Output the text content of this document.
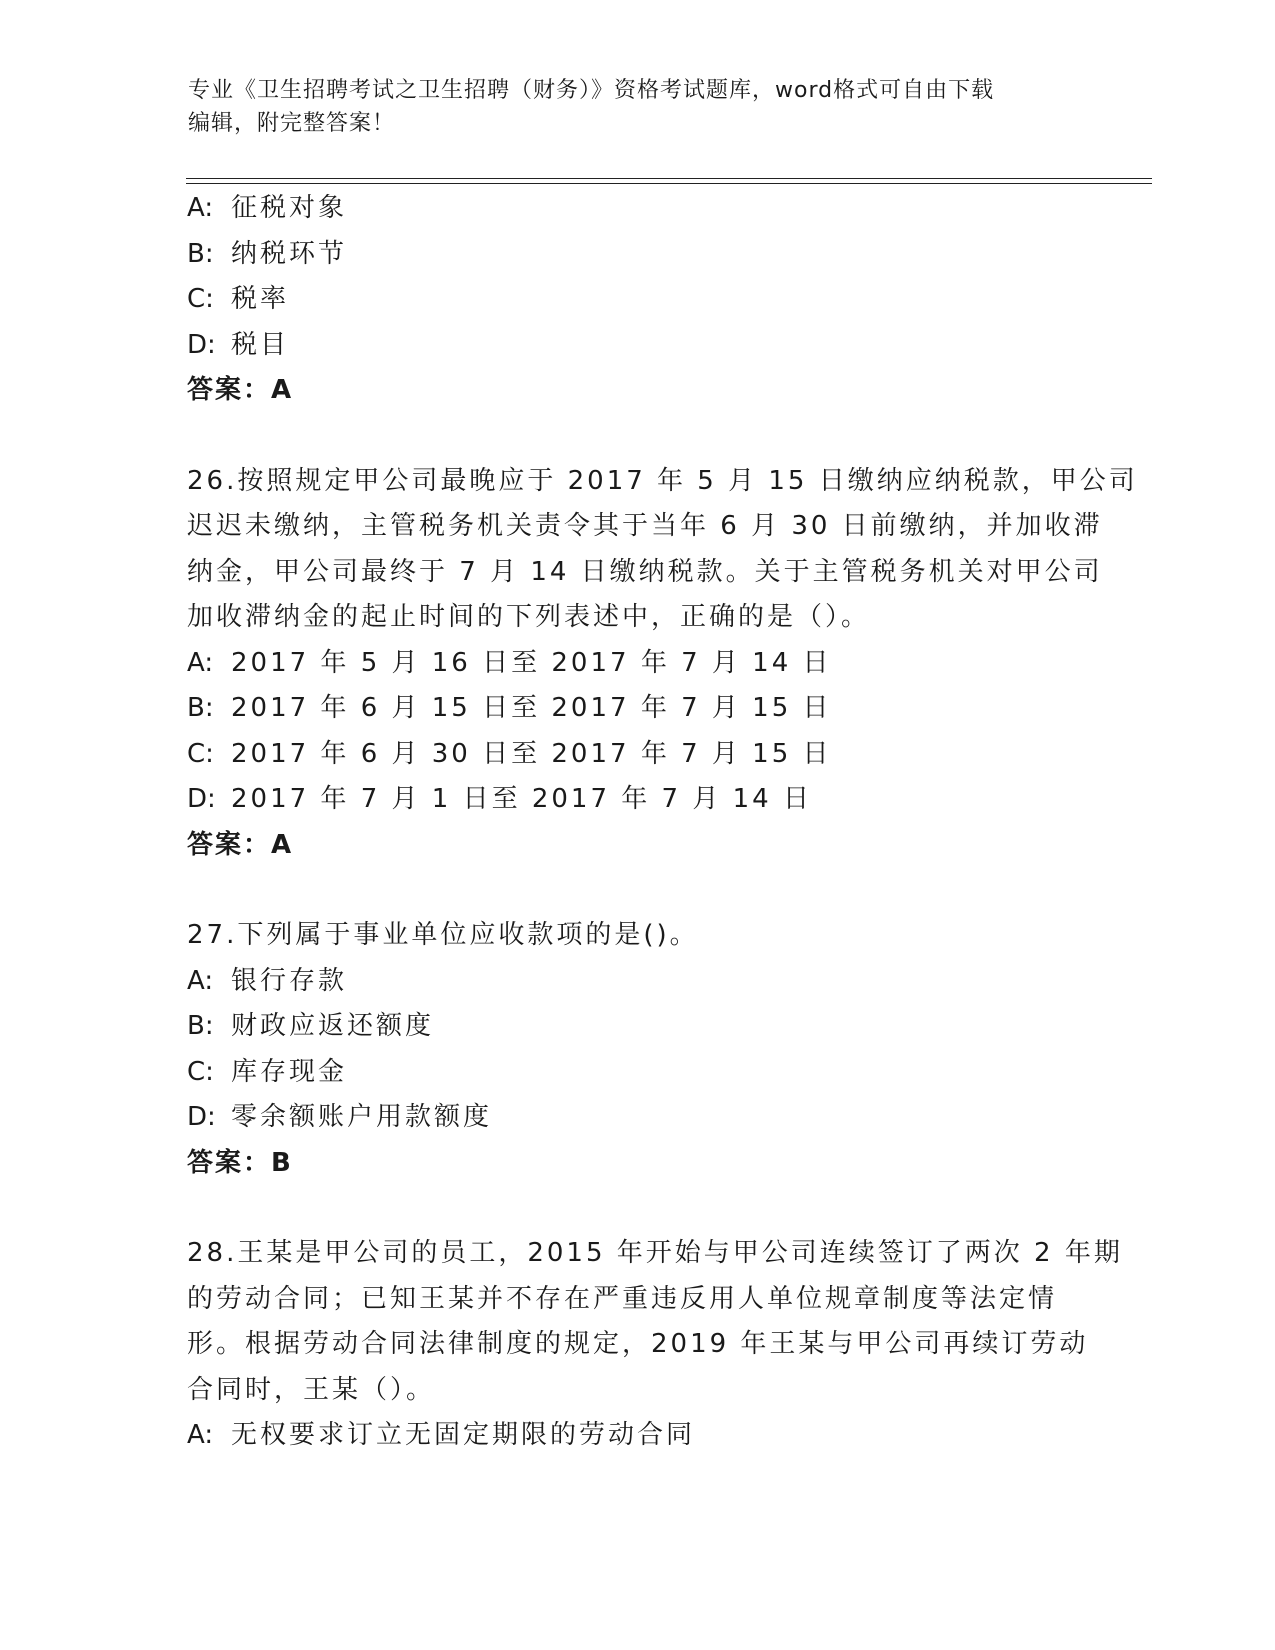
专业《卫生招聘考试之卫生招聘（财务）》资格考试题库，word格式可自由下载
编辑，附完整答案！
A: 征税对象
B: 纳税环节
C: 税率
D: 税目
答案：A
26.按照规定甲公司最晚应于 2017 年 5 月 15 日缴纳应纳税款，甲公司
迟迟未缴纳，主管税务机关责令其于当年 6 月 30 日前缴纳，并加收滞
纳金，甲公司最终于 7 月 14 日缴纳税款。关于主管税务机关对甲公司
加收滞纳金的起止时间的下列表述中，正确的是（）。
A: 2017 年 5 月 16 日至 2017 年 7 月 14 日
B: 2017 年 6 月 15 日至 2017 年 7 月 15 日
C: 2017 年 6 月 30 日至 2017 年 7 月 15 日
D: 2017 年 7 月 1 日至 2017 年 7 月 14 日
答案：A
27.下列属于事业单位应收款项的是()。
A: 银行存款
B: 财政应返还额度
C: 库存现金
D: 零余额账户用款额度
答案：B
28.王某是甲公司的员工，2015 年开始与甲公司连续签订了两次 2 年期
的劳动合同；已知王某并不存在严重违反用人单位规章制度等法定情
形。根据劳动合同法律制度的规定，2019 年王某与甲公司再续订劳动
合同时，王某（）。
A: 无权要求订立无固定期限的劳动合同
